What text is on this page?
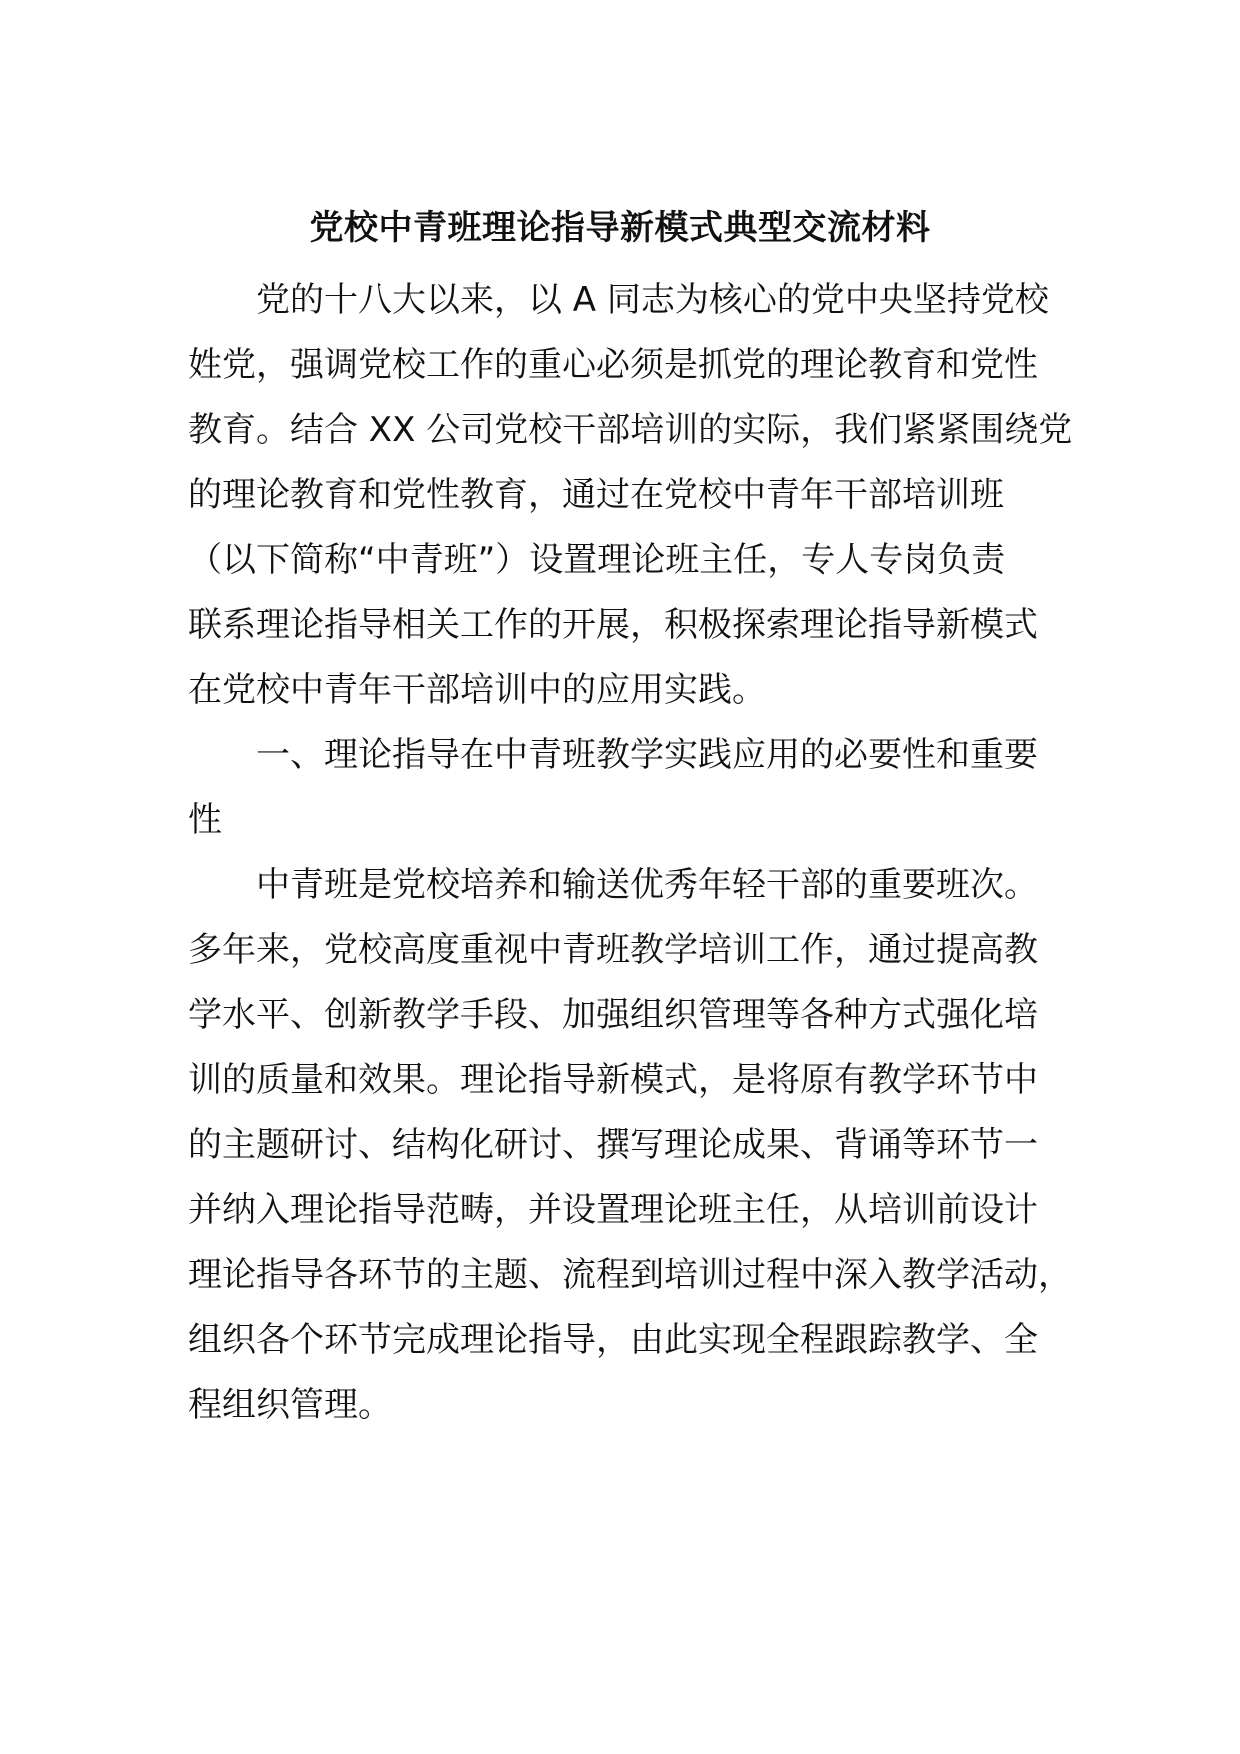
党校中青班理论指导新模式典型交流材料
党的十八大以来，以 A 同志为核心的党中央坚持党校
姓党，强调党校工作的重心必须是抓党的理论教育和党性
教育。结合 XX 公司党校干部培训的实际，我们紧紧围绕党
的理论教育和党性教育，通过在党校中青年干部培训班
（以下简称“中青班”）设置理论班主任，专人专岗负责
联系理论指导相关工作的开展，积极探索理论指导新模式
在党校中青年干部培训中的应用实践。
一、理论指导在中青班教学实践应用的必要性和重要
性
中青班是党校培养和输送优秀年轻干部的重要班次。
多年来，党校高度重视中青班教学培训工作，通过提高教
学水平、创新教学手段、加强组织管理等各种方式强化培
训的质量和效果。理论指导新模式，是将原有教学环节中
的主题研讨、结构化研讨、撰写理论成果、背诵等环节一
并纳入理论指导范畴，并设置理论班主任，从培训前设计
理论指导各环节的主题、流程到培训过程中深入教学活动，
组织各个环节完成理论指导，由此实现全程跟踪教学、全
程组织管理。
